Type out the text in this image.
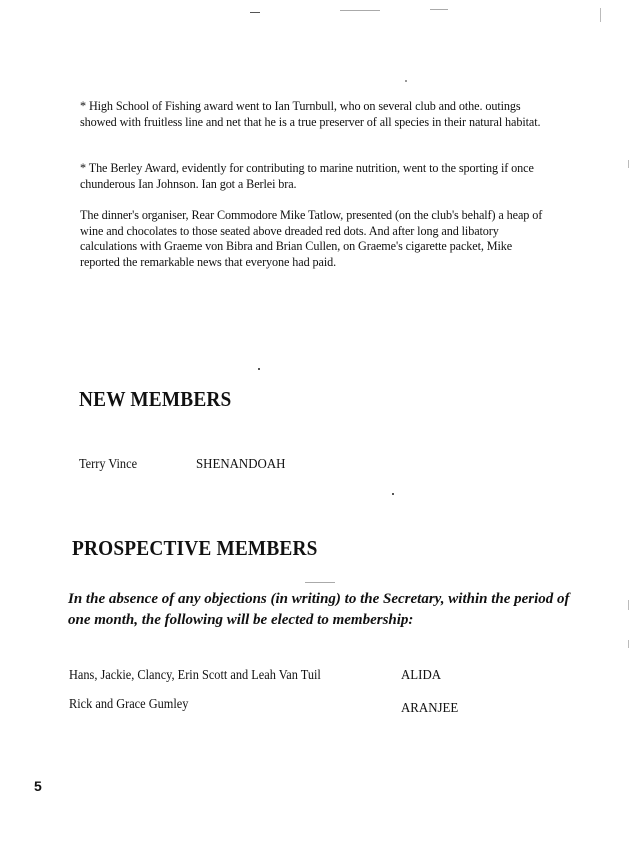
* High School of Fishing award went to Ian Turnbull, who on several club and othe. outings showed with fruitless line and net that he is a true preserver of all species in their natural habitat.

* The Berley Award, evidently for contributing to marine nutrition, went to the sporting if once chunderous Ian Johnson. Ian got a Berlei bra.

The dinner's organiser, Rear Commodore Mike Tatlow, presented (on the club's behalf) a heap of wine and chocolates to those seated above dreaded red dots. And after long and libatory calculations with Graeme von Bibra and Brian Cullen, on Graeme's cigarette packet, Mike reported the remarkable news that everyone had paid.

NEW MEMBERS
Terry Vince	SHENANDOAH
PROSPECTIVE MEMBERS
In the absence of any objections (in writing) to the Secretary, within the period of one month, the following will be elected to membership:
Hans, Jackie, Clancy, Erin Scott and Leah Van Tuil	ALIDA
Rick and Grace Gumley	ARANJEE
5
